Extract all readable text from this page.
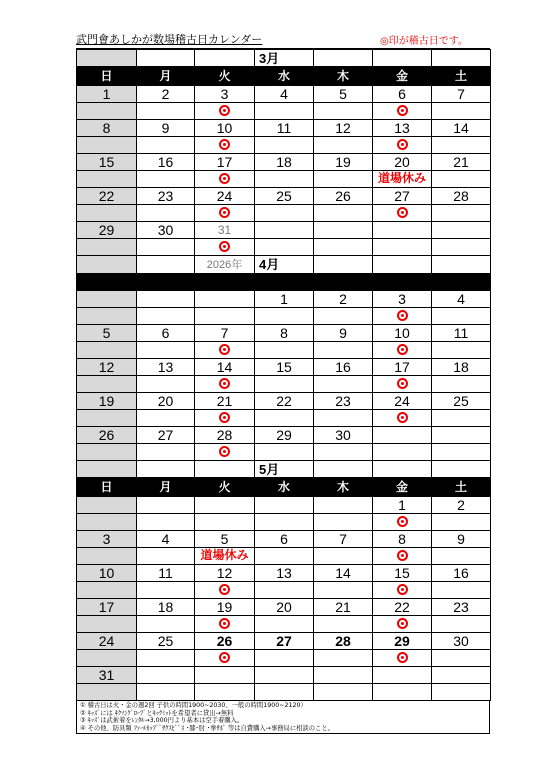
武門會あしかが数場稽古日カレンダー	◎印が稽古日です。
			3月			
日	月	火	水	木	金	土
1	2	3	4	5	6	7

8	9	10	11	12	13	14

15	16	17	18	19	20	21
					道場休み	
22	23	24	25	26	27	28

29	30	31				

		2026年	4月			

			1	2	3	4

5	6	7	8	9	10	11

12	13	14	15	16	17	18

19	20	21	22	23	24	25

26	27	28	29	30		

			5月			
日	月	火	水	木	金	土
					1	2

3	4	5	6	7	8	9
		道場休み				
10	11	12	13	14	15	16

17	18	19	20	21	22	23

24	25	26	27	28	29	30

31						

① 稽古日は火・金の週2回 子供の時間1900~2030、一般の時間1900~2120）
② ｷｯｽﾞには ｷｸｿﾝｸﾞﾛｰﾌﾞとｷｯｸﾐｯﾄを希望者に貸出→無料
③ ｷｯｽﾞは武術着をﾚﾝﾀﾙ→3,000円より基本は空手着購入。
④ その他、防具類 ﾌｧｰﾙｶｯﾌﾟﾟｻｸｽﾋﾞﾟｽ ･膝･肘 ･拳ｻﾎﾟ 等は自費購入→事務局に相談のこと。
